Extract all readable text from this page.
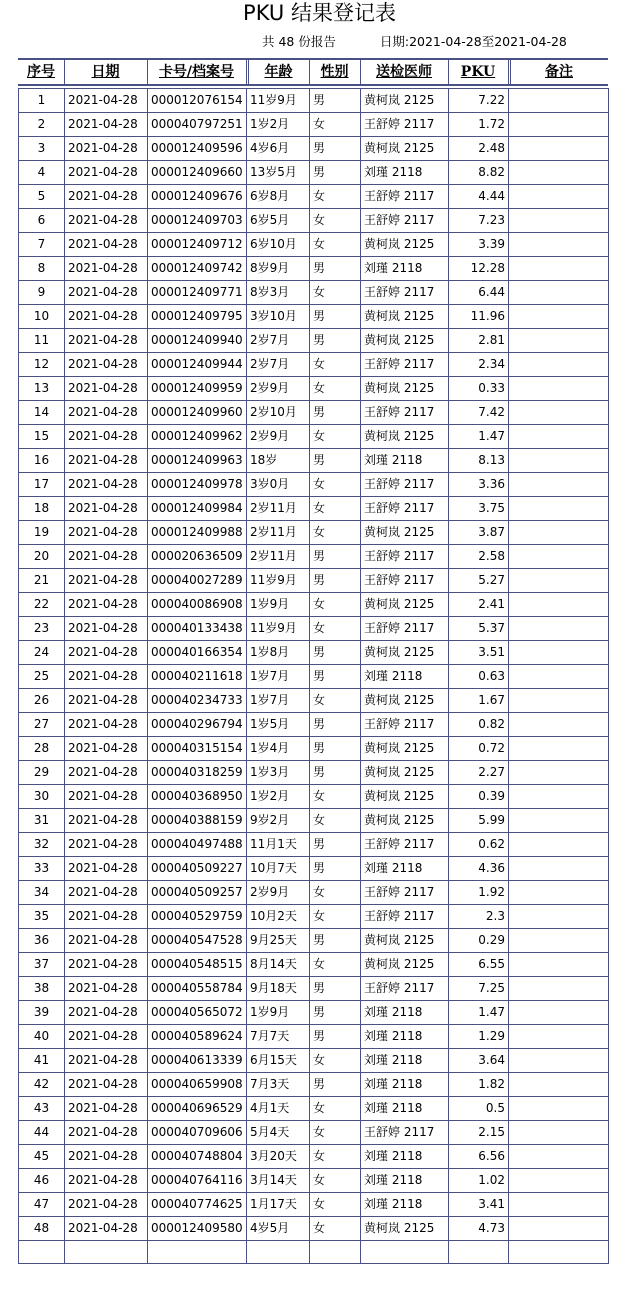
PKU 结果登记表
共 48 份报告	日期:2021-04-28至2021-04-28
序号	日期	卡号/档案号	年龄	性别	送检医师	PKU	备注
1	2021-04-28	000012076154	11岁9月	男	黄柯岚 2125	7.22	
2	2021-04-28	000040797251	1岁2月	女	王舒婷 2117	1.72	
3	2021-04-28	000012409596	4岁6月	男	黄柯岚 2125	2.48	
4	2021-04-28	000012409660	13岁5月	男	刘瑾 2118	8.82	
5	2021-04-28	000012409676	6岁8月	女	王舒婷 2117	4.44	
6	2021-04-28	000012409703	6岁5月	女	王舒婷 2117	7.23	
7	2021-04-28	000012409712	6岁10月	女	黄柯岚 2125	3.39	
8	2021-04-28	000012409742	8岁9月	男	刘瑾 2118	12.28	
9	2021-04-28	000012409771	8岁3月	女	王舒婷 2117	6.44	
10	2021-04-28	000012409795	3岁10月	男	黄柯岚 2125	11.96	
11	2021-04-28	000012409940	2岁7月	男	黄柯岚 2125	2.81	
12	2021-04-28	000012409944	2岁7月	女	王舒婷 2117	2.34	
13	2021-04-28	000012409959	2岁9月	女	黄柯岚 2125	0.33	
14	2021-04-28	000012409960	2岁10月	男	王舒婷 2117	7.42	
15	2021-04-28	000012409962	2岁9月	女	黄柯岚 2125	1.47	
16	2021-04-28	000012409963	18岁	男	刘瑾 2118	8.13	
17	2021-04-28	000012409978	3岁0月	女	王舒婷 2117	3.36	
18	2021-04-28	000012409984	2岁11月	女	王舒婷 2117	3.75	
19	2021-04-28	000012409988	2岁11月	女	黄柯岚 2125	3.87	
20	2021-04-28	000020636509	2岁11月	男	王舒婷 2117	2.58	
21	2021-04-28	000040027289	11岁9月	男	王舒婷 2117	5.27	
22	2021-04-28	000040086908	1岁9月	女	黄柯岚 2125	2.41	
23	2021-04-28	000040133438	11岁9月	女	王舒婷 2117	5.37	
24	2021-04-28	000040166354	1岁8月	男	黄柯岚 2125	3.51	
25	2021-04-28	000040211618	1岁7月	男	刘瑾 2118	0.63	
26	2021-04-28	000040234733	1岁7月	女	黄柯岚 2125	1.67	
27	2021-04-28	000040296794	1岁5月	男	王舒婷 2117	0.82	
28	2021-04-28	000040315154	1岁4月	男	黄柯岚 2125	0.72	
29	2021-04-28	000040318259	1岁3月	男	黄柯岚 2125	2.27	
30	2021-04-28	000040368950	1岁2月	女	黄柯岚 2125	0.39	
31	2021-04-28	000040388159	9岁2月	女	黄柯岚 2125	5.99	
32	2021-04-28	000040497488	11月1天	男	王舒婷 2117	0.62	
33	2021-04-28	000040509227	10月7天	男	刘瑾 2118	4.36	
34	2021-04-28	000040509257	2岁9月	女	王舒婷 2117	1.92	
35	2021-04-28	000040529759	10月2天	女	王舒婷 2117	2.3	
36	2021-04-28	000040547528	9月25天	男	黄柯岚 2125	0.29	
37	2021-04-28	000040548515	8月14天	女	黄柯岚 2125	6.55	
38	2021-04-28	000040558784	9月18天	男	王舒婷 2117	7.25	
39	2021-04-28	000040565072	1岁9月	男	刘瑾 2118	1.47	
40	2021-04-28	000040589624	7月7天	男	刘瑾 2118	1.29	
41	2021-04-28	000040613339	6月15天	女	刘瑾 2118	3.64	
42	2021-04-28	000040659908	7月3天	男	刘瑾 2118	1.82	
43	2021-04-28	000040696529	4月1天	女	刘瑾 2118	0.5	
44	2021-04-28	000040709606	5月4天	女	王舒婷 2117	2.15	
45	2021-04-28	000040748804	3月20天	女	刘瑾 2118	6.56	
46	2021-04-28	000040764116	3月14天	女	刘瑾 2118	1.02	
47	2021-04-28	000040774625	1月17天	女	刘瑾 2118	3.41	
48	2021-04-28	000012409580	4岁5月	女	黄柯岚 2125	4.73	
